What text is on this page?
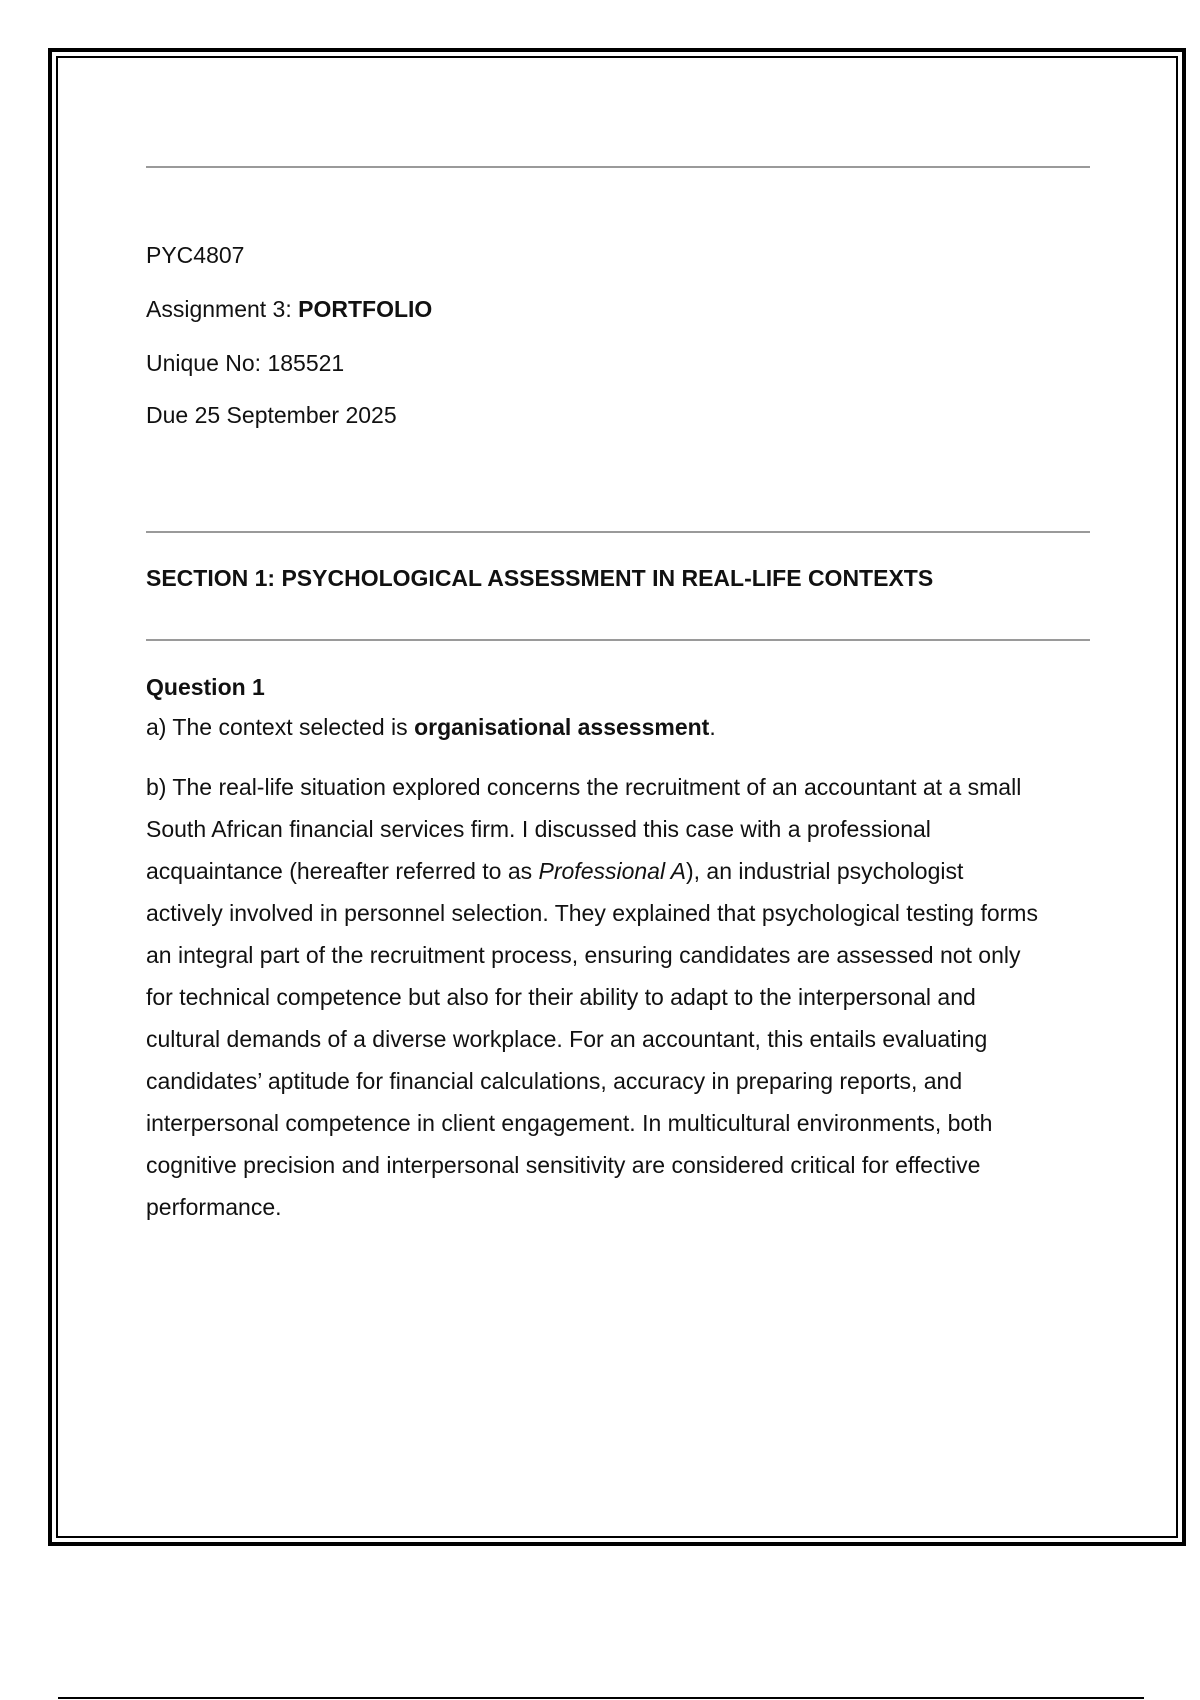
PYC4807
Assignment 3: PORTFOLIO
Unique No: 185521
Due 25 September 2025
SECTION 1: PSYCHOLOGICAL ASSESSMENT IN REAL-LIFE CONTEXTS
Question 1
a) The context selected is organisational assessment.
b) The real-life situation explored concerns the recruitment of an accountant at a small
South African financial services firm. I discussed this case with a professional
acquaintance (hereafter referred to as Professional A), an industrial psychologist
actively involved in personnel selection. They explained that psychological testing forms
an integral part of the recruitment process, ensuring candidates are assessed not only
for technical competence but also for their ability to adapt to the interpersonal and
cultural demands of a diverse workplace. For an accountant, this entails evaluating
candidates’ aptitude for financial calculations, accuracy in preparing reports, and
interpersonal competence in client engagement. In multicultural environments, both
cognitive precision and interpersonal sensitivity are considered critical for effective
performance.
